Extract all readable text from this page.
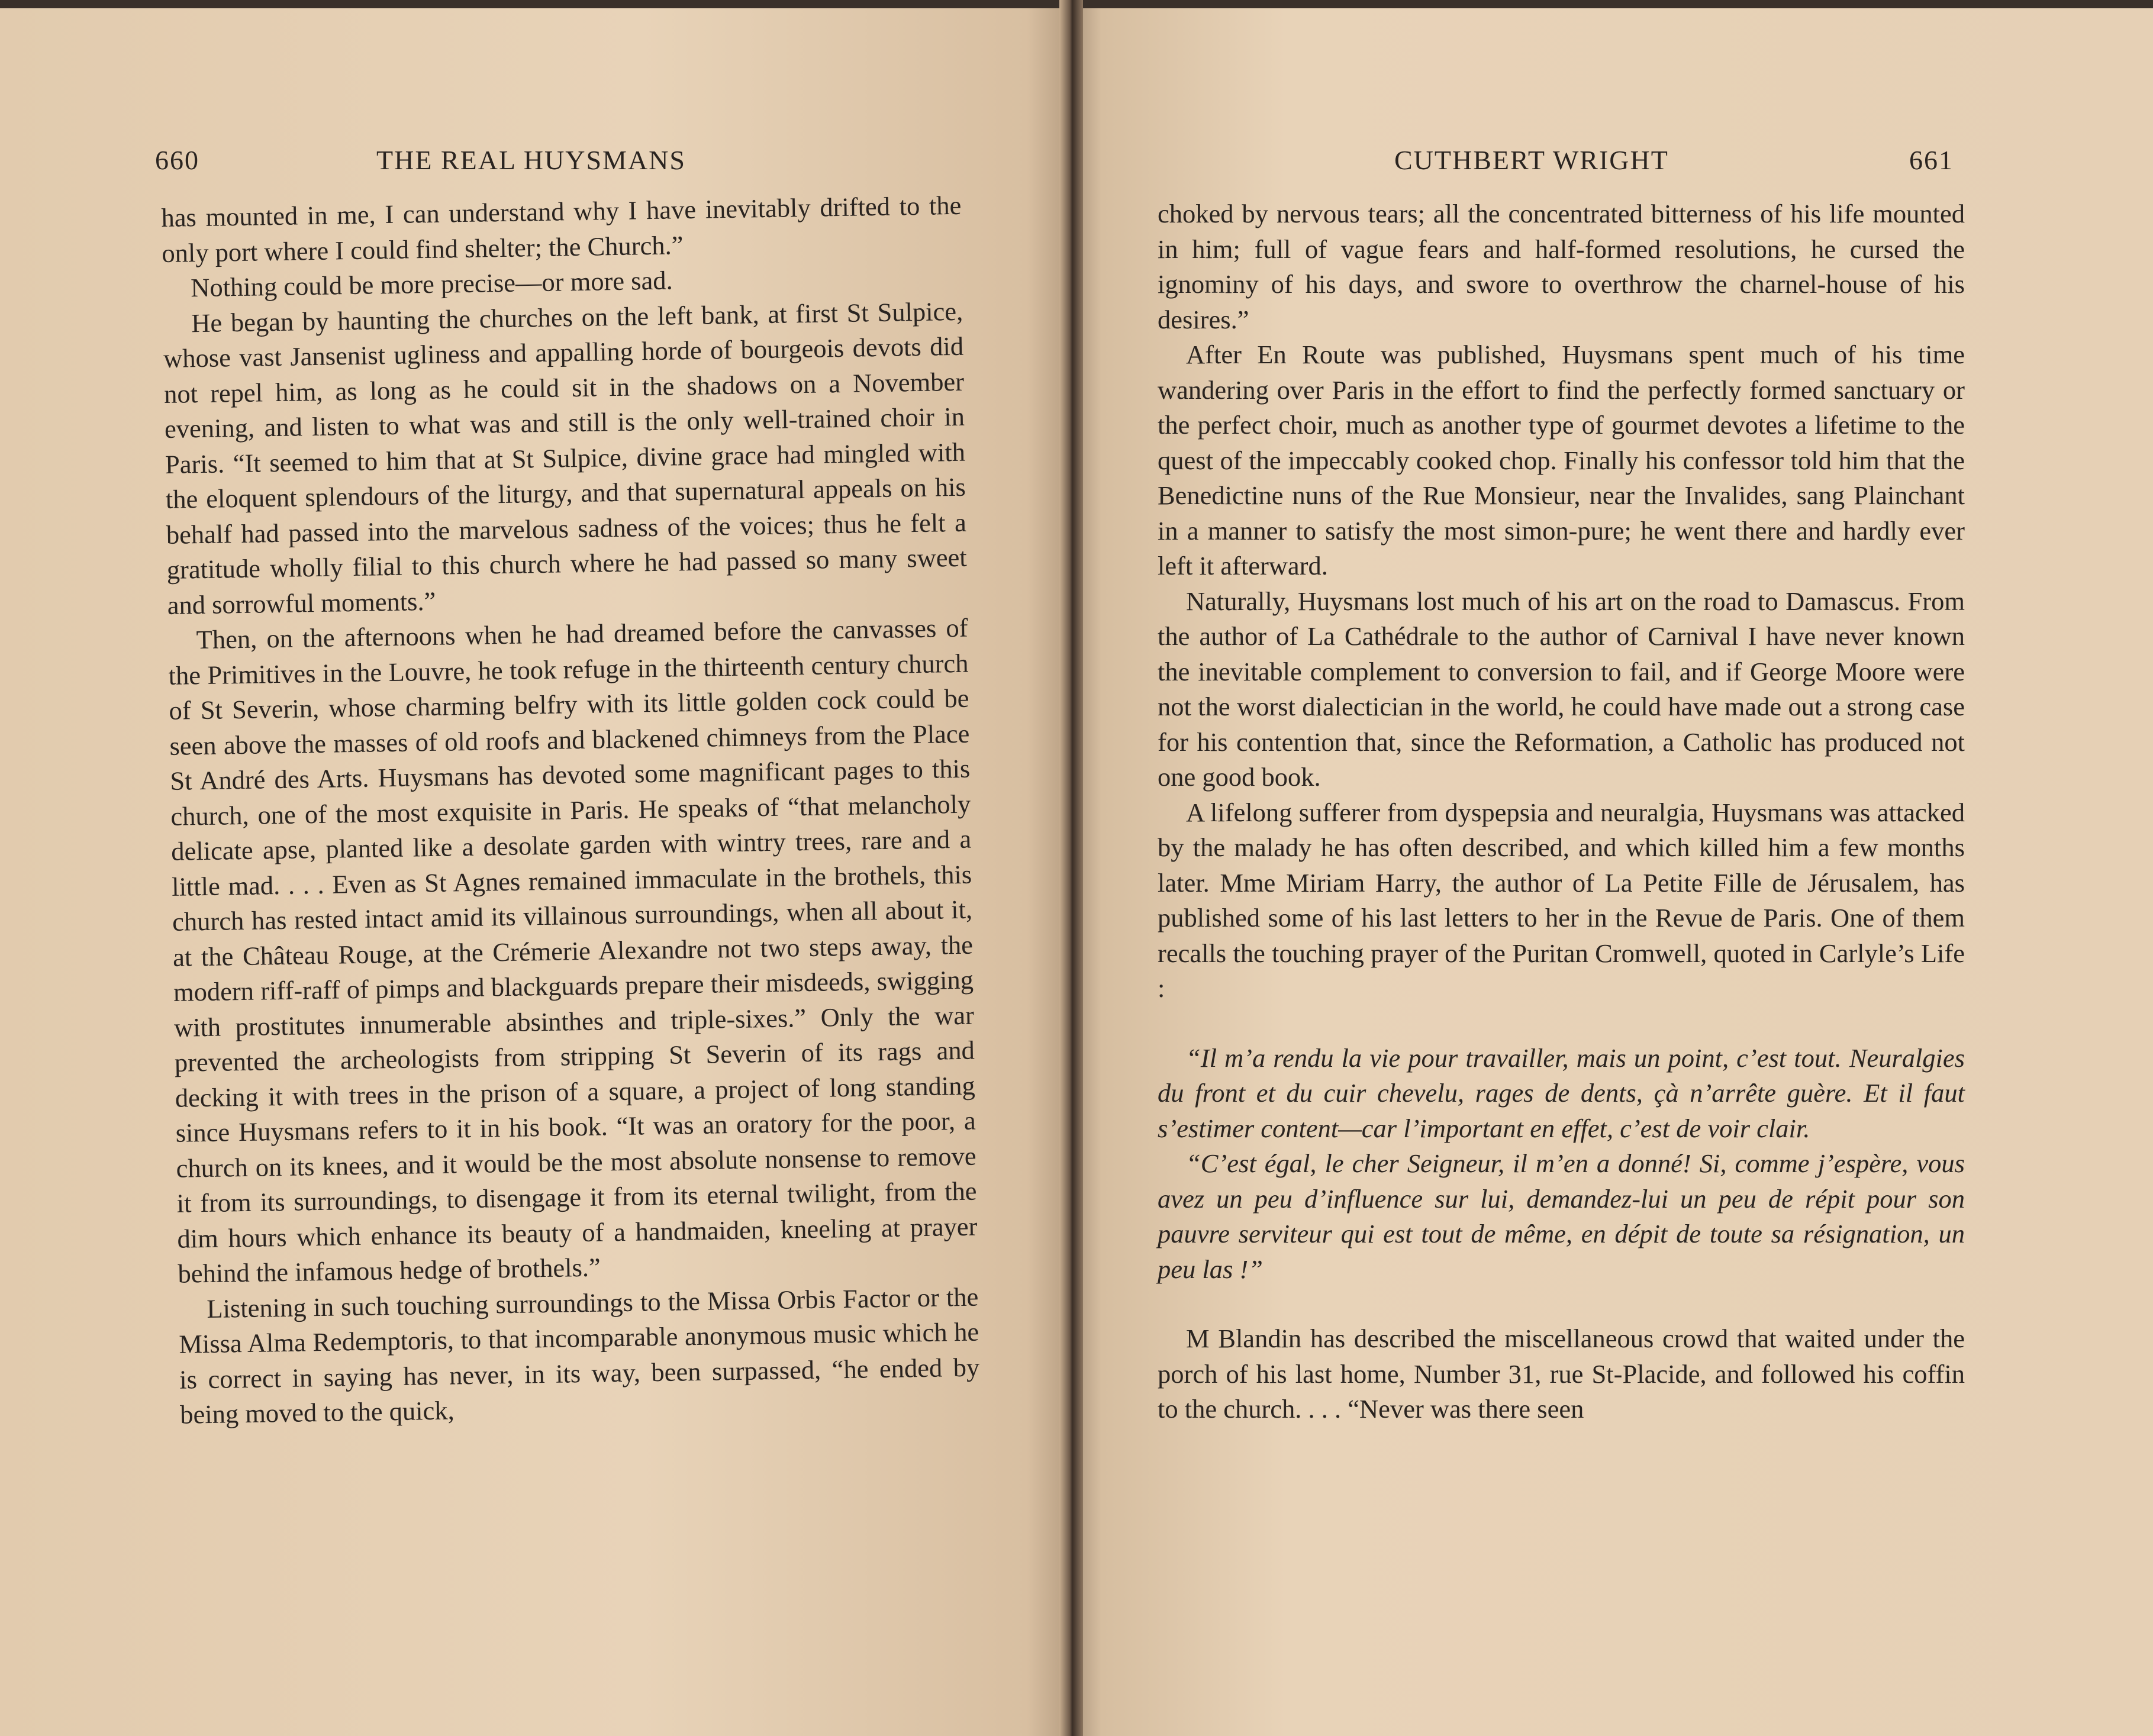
660	THE REAL HUYSMANS

has mounted in me, I can understand why I have inevitably drifted to the only port where I could find shelter; the Church.”

Nothing could be more precise—or more sad.

He began by haunting the churches on the left bank, at first St Sulpice, whose vast Jansenist ugliness and appalling horde of bourgeois devots did not repel him, as long as he could sit in the shadows on a November evening, and listen to what was and still is the only well-trained choir in Paris. “It seemed to him that at St Sulpice, divine grace had mingled with the eloquent splendours of the liturgy, and that supernatural appeals on his behalf had passed into the marvelous sadness of the voices; thus he felt a gratitude wholly filial to this church where he had passed so many sweet and sorrowful moments.”

Then, on the afternoons when he had dreamed before the canvasses of the Primitives in the Louvre, he took refuge in the thirteenth century church of St Severin, whose charming belfry with its little golden cock could be seen above the masses of old roofs and blackened chimneys from the Place St André des Arts. Huysmans has devoted some magnificant pages to this church, one of the most exquisite in Paris. He speaks of “that melancholy delicate apse, planted like a desolate garden with wintry trees, rare and a little mad. . . . Even as St Agnes remained immaculate in the brothels, this church has rested intact amid its villainous surroundings, when all about it, at the Château Rouge, at the Crémerie Alexandre not two steps away, the modern riff-raff of pimps and blackguards prepare their misdeeds, swigging with prostitutes innumerable absinthes and triple-sixes.” Only the war prevented the archeologists from stripping St Severin of its rags and decking it with trees in the prison of a square, a project of long standing since Huysmans refers to it in his book. “It was an oratory for the poor, a church on its knees, and it would be the most absolute nonsense to remove it from its surroundings, to disengage it from its eternal twilight, from the dim hours which enhance its beauty of a handmaiden, kneeling at prayer behind the infamous hedge of brothels.”

Listening in such touching surroundings to the Missa Orbis Factor or the Missa Alma Redemptoris, to that incomparable anonymous music which he is correct in saying has never, in its way, been surpassed, “he ended by being moved to the quick,

CUTHBERT WRIGHT	661

choked by nervous tears; all the concentrated bitterness of his life mounted in him; full of vague fears and half-formed resolutions, he cursed the ignominy of his days, and swore to overthrow the charnel-house of his desires.”

After En Route was published, Huysmans spent much of his time wandering over Paris in the effort to find the perfectly formed sanctuary or the perfect choir, much as another type of gourmet devotes a lifetime to the quest of the impeccably cooked chop. Finally his confessor told him that the Benedictine nuns of the Rue Monsieur, near the Invalides, sang Plainchant in a manner to satisfy the most simon-pure; he went there and hardly ever left it afterward.

Naturally, Huysmans lost much of his art on the road to Damascus. From the author of La Cathédrale to the author of Carnival I have never known the inevitable complement to conversion to fail, and if George Moore were not the worst dialectician in the world, he could have made out a strong case for his contention that, since the Reformation, a Catholic has produced not one good book.

A lifelong sufferer from dyspepsia and neuralgia, Huysmans was attacked by the malady he has often described, and which killed him a few months later. Mme Miriam Harry, the author of La Petite Fille de Jérusalem, has published some of his last letters to her in the Revue de Paris. One of them recalls the touching prayer of the Puritan Cromwell, quoted in Carlyle’s Life :

“Il m’a rendu la vie pour travailler, mais un point, c’est tout. Neuralgies du front et du cuir chevelu, rages de dents, çà n’arrête guère. Et il faut s’estimer content—car l’important en effet, c’est de voir clair.

“C’est égal, le cher Seigneur, il m’en a donné! Si, comme j’espère, vous avez un peu d’influence sur lui, demandez-lui un peu de répit pour son pauvre serviteur qui est tout de même, en dépit de toute sa résignation, un peu las !”

M Blandin has described the miscellaneous crowd that waited under the porch of his last home, Number 31, rue St-Placide, and followed his coffin to the church. . . . “Never was there seen
